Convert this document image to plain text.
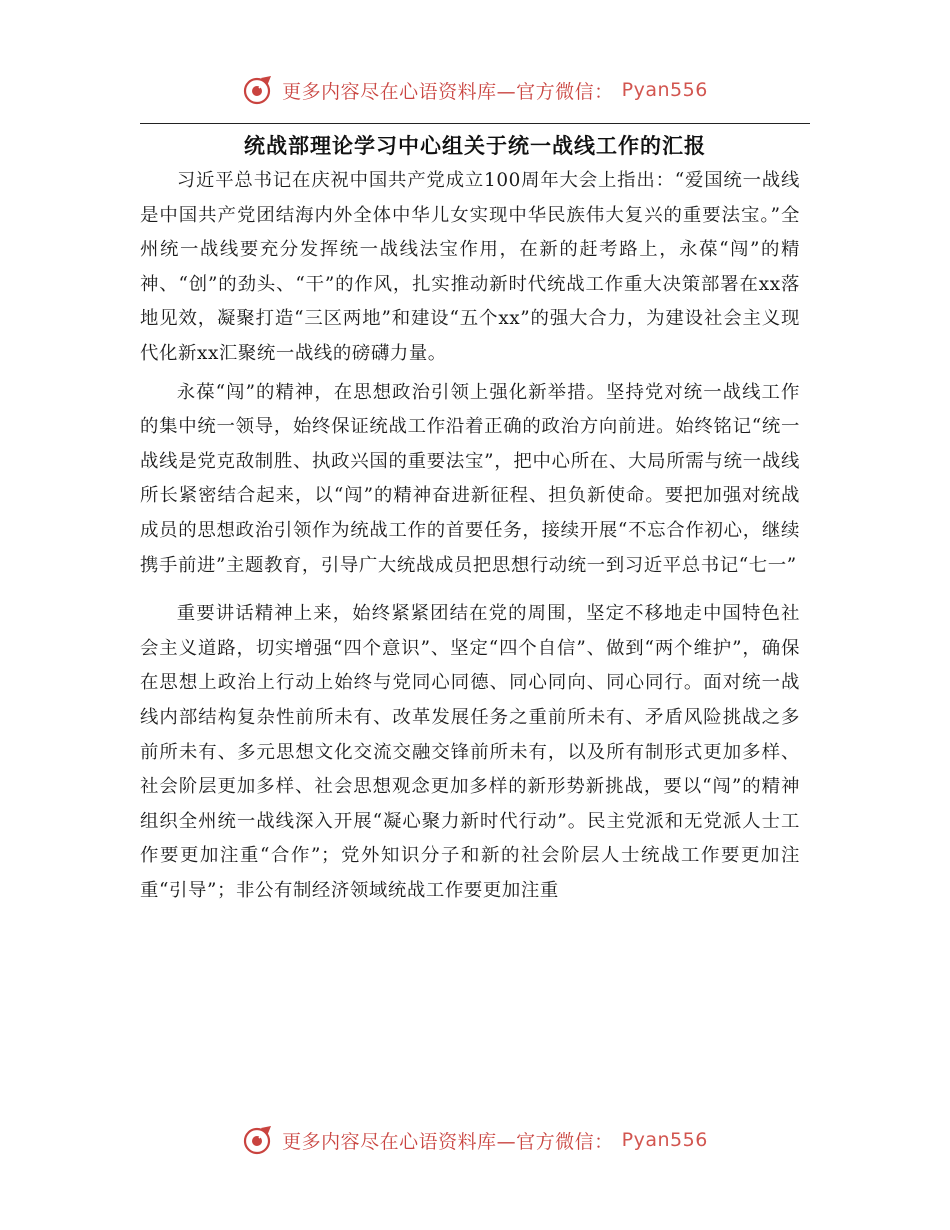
更多内容尽在心语资料库—官方微信： Pyan556
统战部理论学习中心组关于统一战线工作的汇报

习近平总书记在庆祝中国共产党成立100周年大会上指出：“爱国统一战线是中国共产党团结海内外全体中华儿女实现中华民族伟大复兴的重要法宝。”全州统一战线要充分发挥统一战线法宝作用，在新的赶考路上，永葆“闯”的精神、“创”的劲头、“干”的作风，扎实推动新时代统战工作重大决策部署在xx落地见效，凝聚打造“三区两地”和建设“五个xx”的强大合力，为建设社会主义现代化新xx汇聚统一战线的磅礴力量。

永葆“闯”的精神，在思想政治引领上强化新举措。坚持党对统一战线工作的集中统一领导，始终保证统战工作沿着正确的政治方向前进。始终铭记“统一战线是党克敌制胜、执政兴国的重要法宝”，把中心所在、大局所需与统一战线所长紧密结合起来，以“闯”的精神奋进新征程、担负新使命。要把加强对统战成员的思想政治引领作为统战工作的首要任务，接续开展“不忘合作初心，继续携手前进”主题教育，引导广大统战成员把思想行动统一到习近平总书记“七一”

重要讲话精神上来，始终紧紧团结在党的周围，坚定不移地走中国特色社会主义道路，切实增强“四个意识”、坚定“四个自信”、做到“两个维护”，确保在思想上政治上行动上始终与党同心同德、同心同向、同心同行。面对统一战线内部结构复杂性前所未有、改革发展任务之重前所未有、矛盾风险挑战之多前所未有、多元思想文化交流交融交锋前所未有，以及所有制形式更加多样、社会阶层更加多样、社会思想观念更加多样的新形势新挑战，要以“闯”的精神组织全州统一战线深入开展“凝心聚力新时代行动”。民主党派和无党派人士工作要更加注重“合作”；党外知识分子和新的社会阶层人士统战工作要更加注重“引导”；非公有制经济领域统战工作要更加注重

更多内容尽在心语资料库—官方微信： Pyan556
